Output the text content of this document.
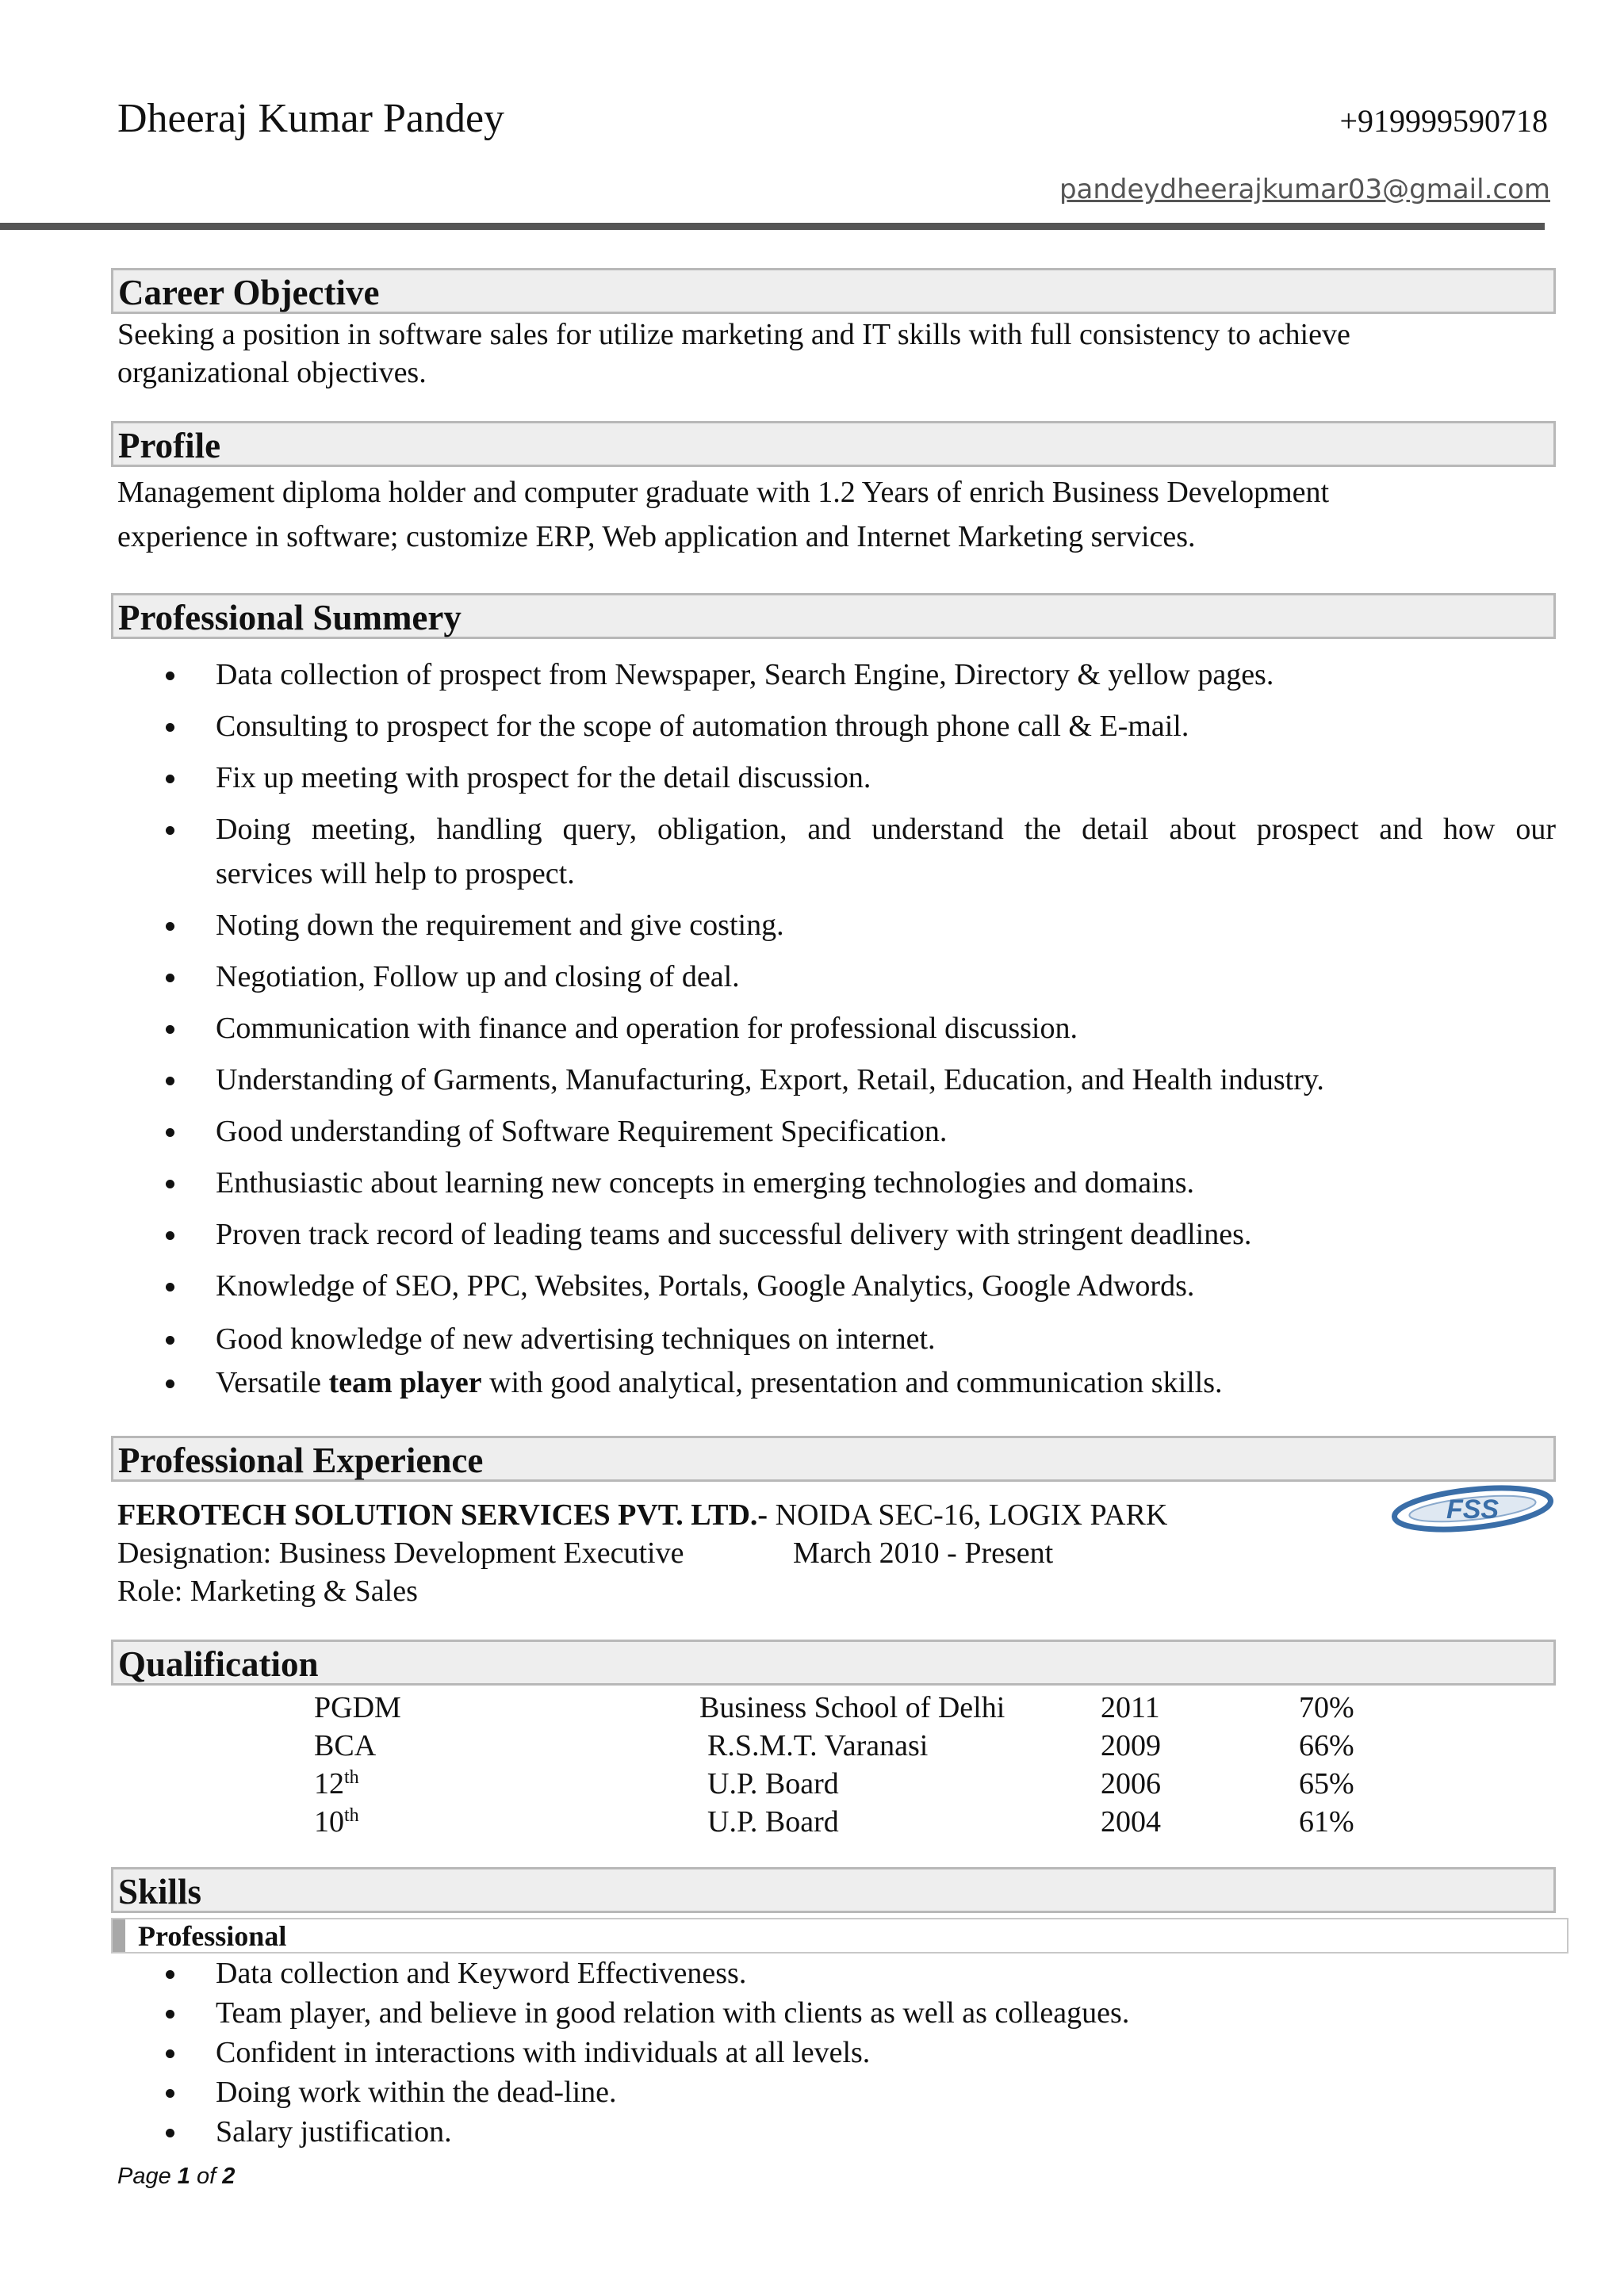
Dheeraj Kumar Pandey	+919999590718
pandeydheerajkumar03@gmail.com
Career Objective
Seeking a position in software sales for utilize marketing and IT skills with full consistency to achieve
organizational objectives.
Profile
Management diploma holder and computer graduate with 1.2 Years of enrich Business Development
experience in software; customize ERP, Web application and Internet Marketing services.
Professional Summery
Data collection of prospect from Newspaper, Search Engine, Directory & yellow pages.
Consulting to prospect for the scope of automation through phone call & E-mail.
Fix up meeting with prospect for the detail discussion.
Doing meeting, handling query, obligation, and understand the detail about prospect and how our
services will help to prospect.
Noting down the requirement and give costing.
Negotiation, Follow up and closing of deal.
Communication with finance and operation for professional discussion.
Understanding of Garments, Manufacturing, Export, Retail, Education, and Health industry.
Good understanding of Software Requirement Specification.
Enthusiastic about learning new concepts in emerging technologies and domains.
Proven track record of leading teams and successful delivery with stringent deadlines.
Knowledge of SEO, PPC, Websites, Portals, Google Analytics, Google Adwords.
Good knowledge of new advertising techniques on internet.
Versatile team player with good analytical, presentation and communication skills.
Professional Experience
FEROTECH SOLUTION SERVICES PVT. LTD.- NOIDA SEC-16, LOGIX PARK
Designation: Business Development Executive	March 2010 - Present
Role: Marketing & Sales
FSS
Qualification
PGDM	Business School of Delhi	2011	70%
BCA	R.S.M.T. Varanasi	2009	66%
12th	U.P. Board	2006	65%
10th	U.P. Board	2004	61%
Skills
Professional
Data collection and Keyword Effectiveness.
Team player, and believe in good relation with clients as well as colleagues.
Confident in interactions with individuals at all levels.
Doing work within the dead-line.
Salary justification.
Page 1 of 2
